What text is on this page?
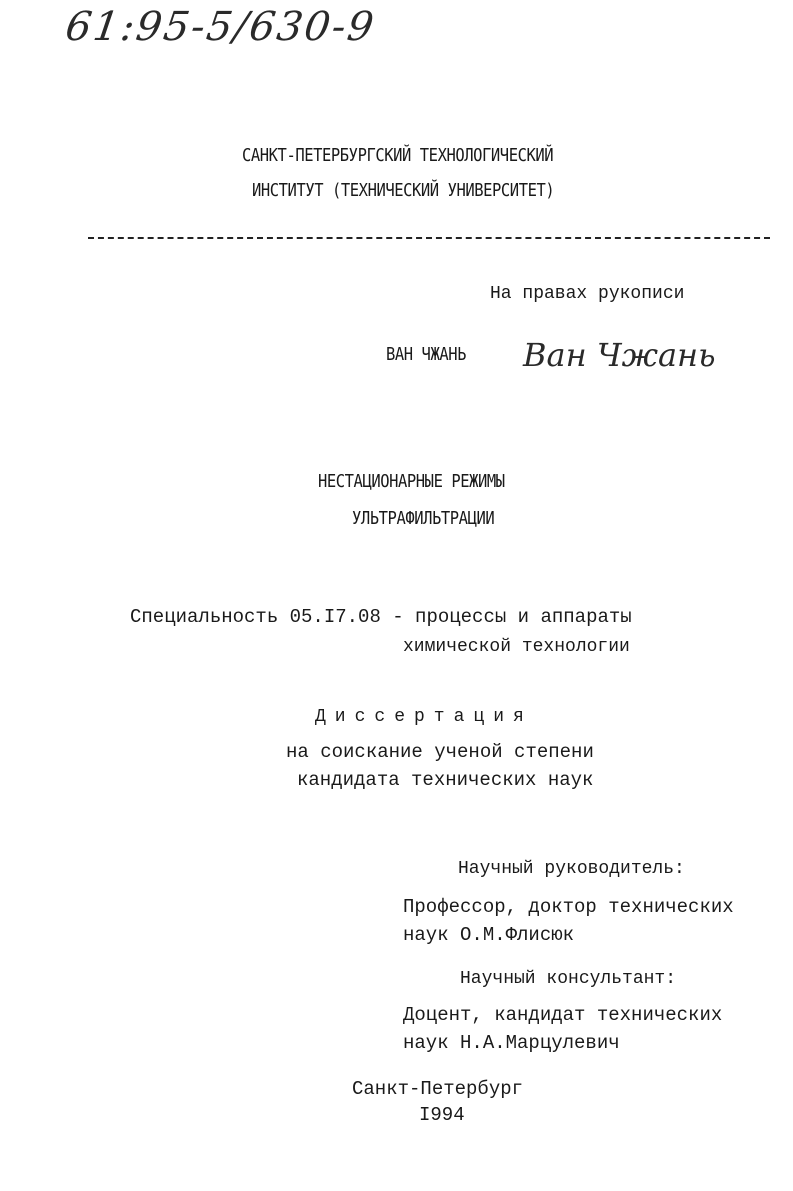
61:95-5/630-9
САНКТ-ПЕТЕРБУРГСКИЙ ТЕХНОЛОГИЧЕСКИЙ
ИНСТИТУТ (ТЕХНИЧЕСКИЙ УНИВЕРСИТЕТ)
На правах рукописи
ВАН ЧЖАНЬ Ван Чжань
НЕСТАЦИОНАРНЫЕ РЕЖИМЫ
УЛЬТРАФИЛЬТРАЦИИ
Специальность 05.I7.08 - процессы и аппараты
химической технологии
Диссертация
на соискание ученой степени
кандидата технических наук
Научный руководитель:
Профессор, доктор технических
наук О.М.Флисюк
Научный консультант:
Доцент, кандидат технических
наук Н.А.Марцулевич
Санкт-Петербург
I994
